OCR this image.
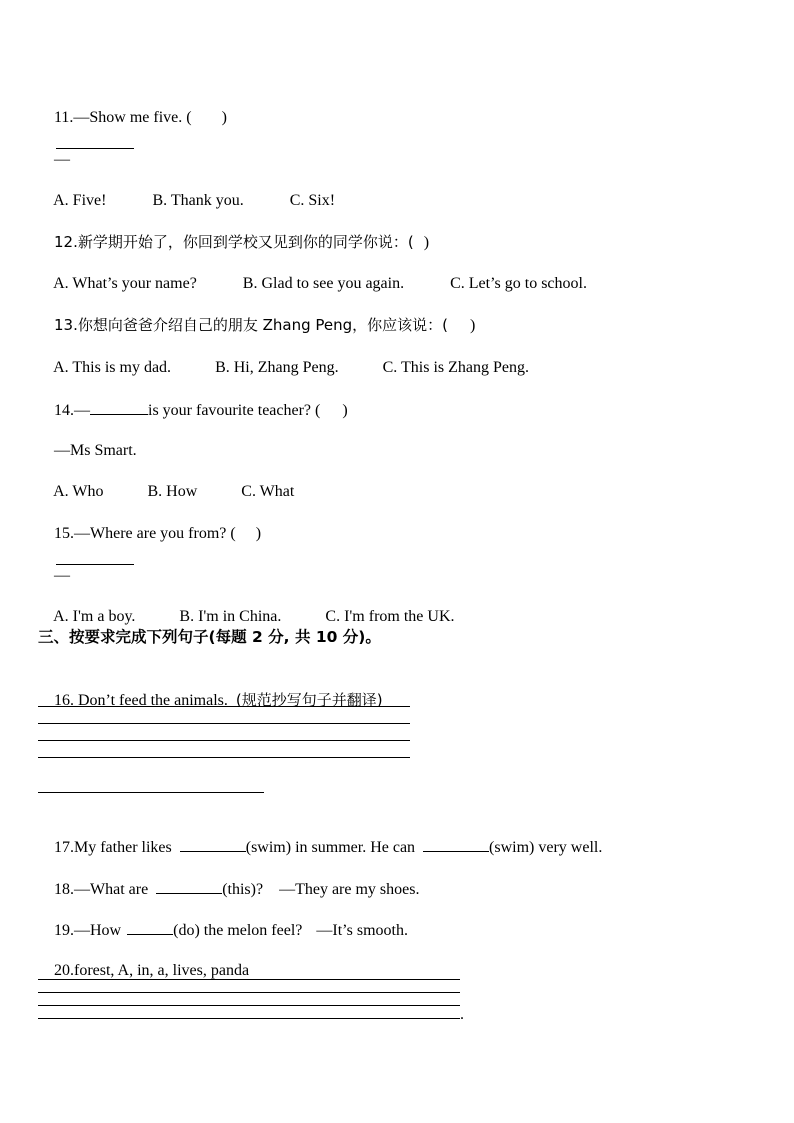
11.—Show me five. ( )

—

A. Five!	B. Thank you.	C. Six!

12.新学期开始了，你回到学校又见到你的同学你说：( )

A. What’s your name?	B. Glad to see you again.	C. Let’s go to school.

13.你想向爸爸介绍自己的朋友 Zhang Peng，你应该说：( )

A. This is my dad.	B. Hi, Zhang Peng.	C. This is Zhang Peng.

14.—	is your favourite teacher? ( )

—Ms Smart.

A. Who	B. How	C. What

15.—Where are you from? ( )

—

A. I'm a boy.	B. I'm in China.	C. I'm from the UK.

三、按要求完成下列句子(每题 2 分, 共 10 分)。

16. Don’t feed the animals. (规范抄写句子并翻译)

17.My father likes	(swim) in summer. He can	(swim) very well.

18.—What are	(this)? —They are my shoes.

19.—How	(do) the melon feel? —It’s smooth.

20.forest, A, in, a, lives, panda

.
